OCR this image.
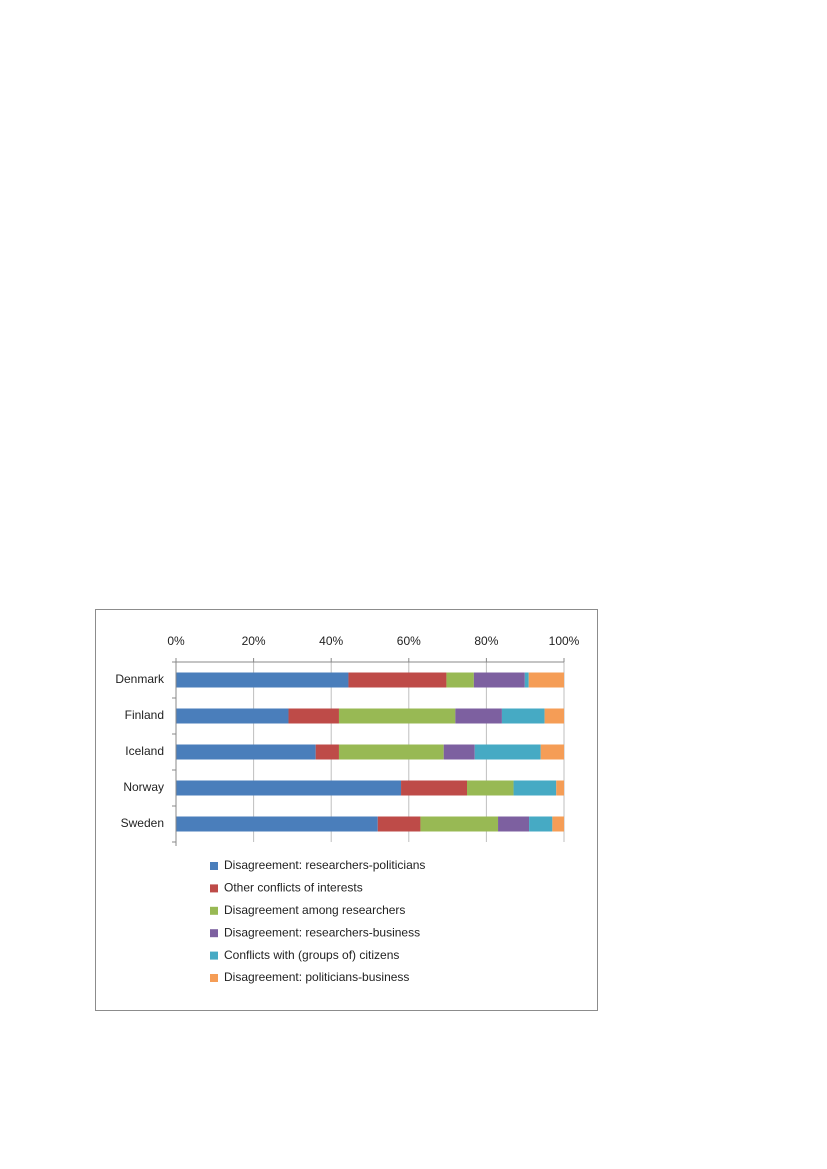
0%	20%	40%	60%	80%	100%
Denmark
Finland
Iceland
Norway
Sweden
Disagreement: researchers-politicians
Other conflicts of interests
Disagreement among researchers
Disagreement: researchers-business
Conflicts with (groups of) citizens
Disagreement: politicians-business
